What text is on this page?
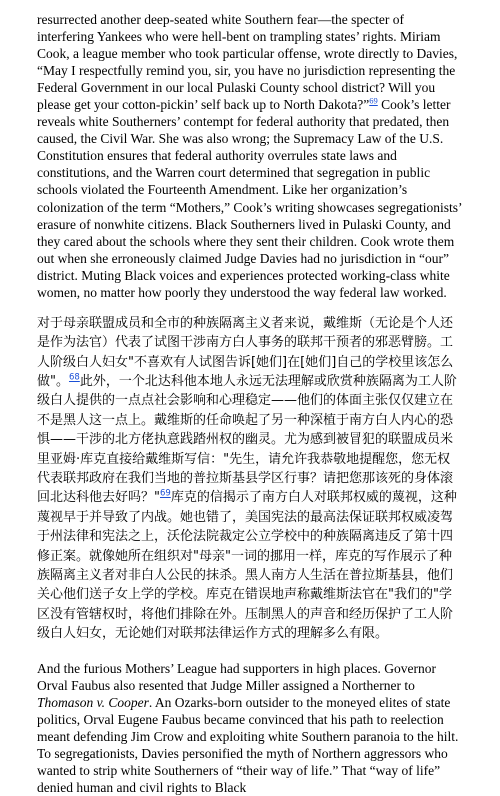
resurrected another deep-seated white Southern fear—the specter of interfering Yankees who were hell-bent on trampling states’ rights. Miriam Cook, a league member who took particular offense, wrote directly to Davies, “May I respectfully remind you, sir, you have no jurisdiction representing the Federal Government in our local Pulaski County school district? Will you please get your cotton-pickin’ self back up to North Dakota?”$^{69}$ Cook’s letter reveals white Southerners’ contempt for federal authority that predated, then caused, the Civil War. She was also wrong; the Supremacy Law of the U.S. Constitution ensures that federal authority overrules state laws and constitutions, and the Warren court determined that segregation in public schools violated the Fourteenth Amendment. Like her organization’s colonization of the term “Mothers,” Cook’s writing showcases segregationists’ erasure of nonwhite citizens. Black Southerners lived in Pulaski County, and they cared about the schools where they sent their children. Cook wrote them out when she erroneously claimed Judge Davies had no jurisdiction in “our” district. Muting Black voices and experiences protected working-class white women, no matter how poorly they understood the way federal law worked.

对于母亲联盟成员和全市的种族隔离主义者来说，戴维斯（无论是个人还是作为法官）代表了试图干涉南方白人事务的联邦干预者的邪恶臂膀。工人阶级白人妇女"不喜欢有人试图告诉[她们]在[她们]自己的学校里该怎么做"。$^{68}$此外，一个北达科他本地人永远无法理解或欣赏种族隔离为工人阶级白人提供的一点点社会影响和心理稳定——他们的体面主张仅仅建立在不是黑人这一点上。戴维斯的任命唤起了另一种深植于南方白人内心的恐惧——干涉的北方佬执意践踏州权的幽灵。尤为感到被冒犯的联盟成员米里亚姆·库克直接给戴维斯写信："先生，请允许我恭敬地提醒您，您无权代表联邦政府在我们当地的普拉斯基县学区行事？请把您那该死的身体滚回北达科他去好吗？"$^{69}$库克的信揭示了南方白人对联邦权威的蔑视，这种蔑视早于并导致了内战。她也错了，美国宪法的最高法保证联邦权威凌驾于州法律和宪法之上，沃伦法院裁定公立学校中的种族隔离违反了第十四修正案。就像她所在组织对"母亲"一词的挪用一样，库克的写作展示了种族隔离主义者对非白人公民的抹杀。黑人南方人生活在普拉斯基县，他们关心他们送子女上学的学校。库克在错误地声称戴维斯法官在"我们的"学区没有管辖权时，将他们排除在外。压制黑人的声音和经历保护了工人阶级白人妇女，无论她们对联邦法律运作方式的理解多么有限。

And the furious Mothers’ League had supporters in high places. Governor Orval Faubus also resented that Judge Miller assigned a Northerner to Thomason v. Cooper. An Ozarks-born outsider to the moneyed elites of state politics, Orval Eugene Faubus became convinced that his path to reelection meant defending Jim Crow and exploiting white Southern paranoia to the hilt. To segregationists, Davies personified the myth of Northern aggressors who wanted to strip white Southerners of “their way of life.” That “way of life” denied human and civil rights to Black
